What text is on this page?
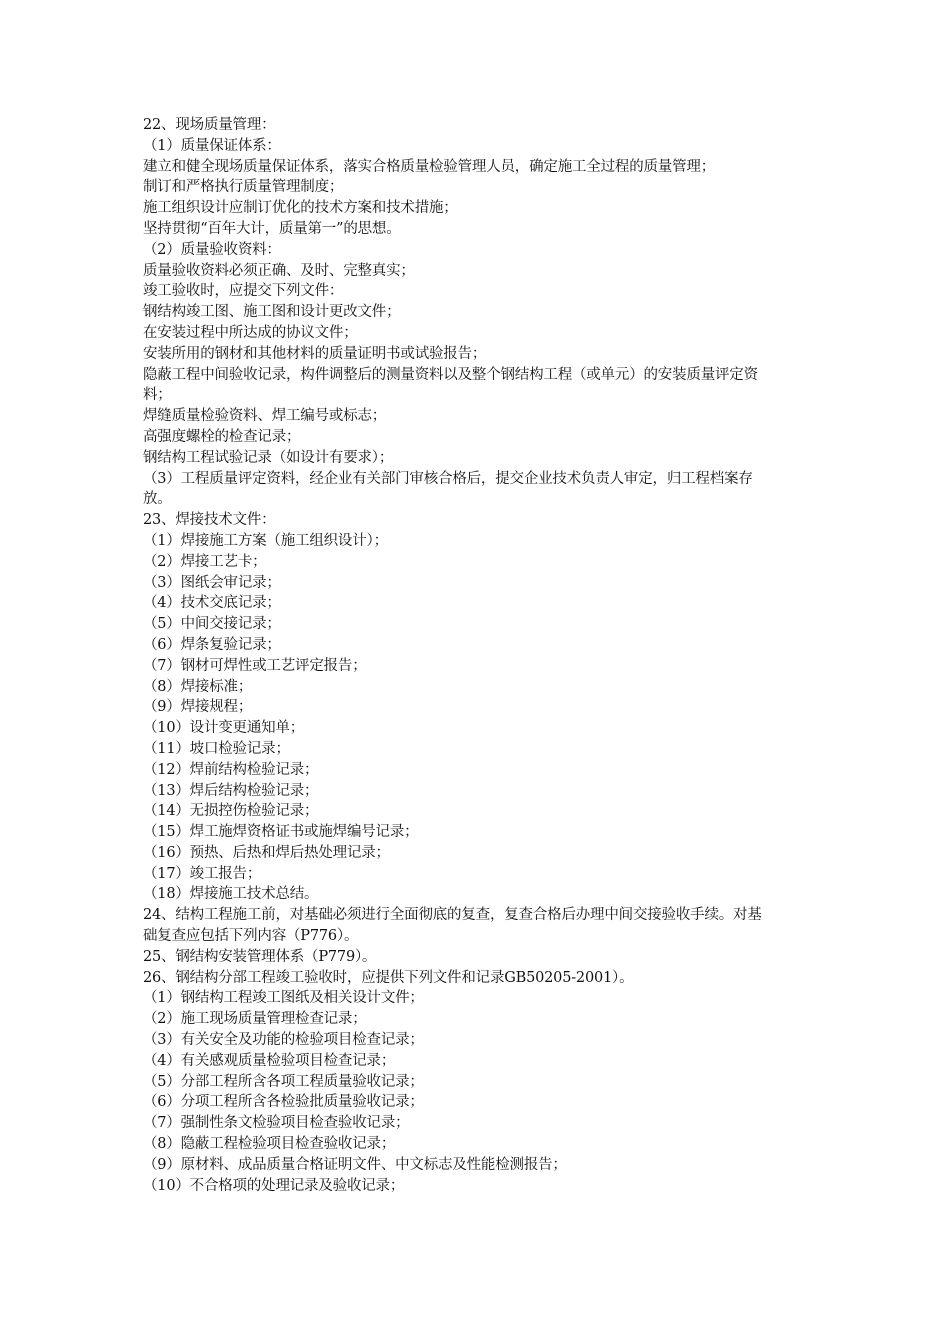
22、现场质量管理：

（1）质量保证体系：

建立和健全现场质量保证体系，落实合格质量检验管理人员，确定施工全过程的质量管理；

制订和严格执行质量管理制度；

施工组织设计应制订优化的技术方案和技术措施；

坚持贯彻“百年大计，质量第一”的思想。

（2）质量验收资料：

质量验收资料必须正确、及时、完整真实；

竣工验收时，应提交下列文件：

钢结构竣工图、施工图和设计更改文件；

在安装过程中所达成的协议文件；

安装所用的钢材和其他材料的质量证明书或试验报告；

隐蔽工程中间验收记录，构件调整后的测量资料以及整个钢结构工程（或单元）的安装质量评定资料；

焊缝质量检验资料、焊工编号或标志；

高强度螺栓的检查记录；

钢结构工程试验记录（如设计有要求）；

（3）工程质量评定资料，经企业有关部门审核合格后，提交企业技术负责人审定，归工程档案存放。

23、焊接技术文件：

（1）焊接施工方案（施工组织设计）；

（2）焊接工艺卡；

（3）图纸会审记录；

（4）技术交底记录；

（5）中间交接记录；

（6）焊条复验记录；

（7）钢材可焊性或工艺评定报告；

（8）焊接标准；

（9）焊接规程；

（10）设计变更通知单；

（11）坡口检验记录；

（12）焊前结构检验记录；

（13）焊后结构检验记录；

（14）无损控伤检验记录；

（15）焊工施焊资格证书或施焊编号记录；

（16）预热、后热和焊后热处理记录；

（17）竣工报告；

（18）焊接施工技术总结。

24、结构工程施工前，对基础必须进行全面彻底的复查，复查合格后办理中间交接验收手续。对基础复查应包括下列内容（P776）。

25、钢结构安装管理体系（P779）。

26、钢结构分部工程竣工验收时，应提供下列文件和记录GB50205-2001）。

（1）钢结构工程竣工图纸及相关设计文件；

（2）施工现场质量管理检查记录；

（3）有关安全及功能的检验项目检查记录；

（4）有关感观质量检验项目检查记录；

（5）分部工程所含各项工程质量验收记录；

（6）分项工程所含各检验批质量验收记录；

（7）强制性条文检验项目检查验收记录；

（8）隐蔽工程检验项目检查验收记录；

（9）原材料、成品质量合格证明文件、中文标志及性能检测报告；

（10）不合格项的处理记录及验收记录；
